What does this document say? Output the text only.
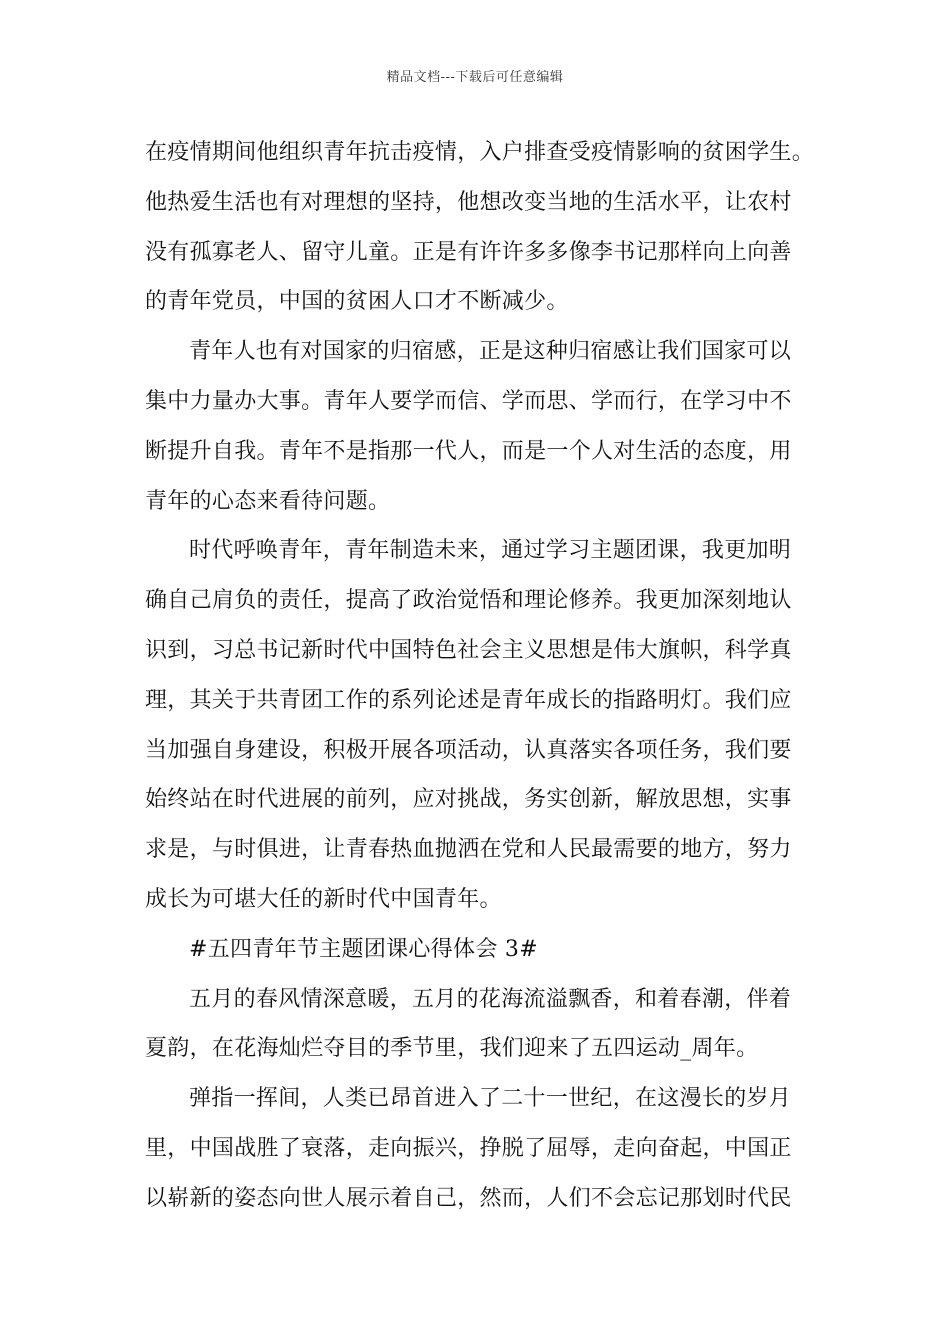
精品文档---下载后可任意编辑
在疫情期间他组织青年抗击疫情，入户排查受疫情影响的贫困学生。
他热爱生活也有对理想的坚持，他想改变当地的生活水平，让农村
没有孤寡老人、留守儿童。正是有许许多多像李书记那样向上向善
的青年党员，中国的贫困人口才不断减少。
青年人也有对国家的归宿感，正是这种归宿感让我们国家可以
集中力量办大事。青年人要学而信、学而思、学而行，在学习中不
断提升自我。青年不是指那一代人，而是一个人对生活的态度，用
青年的心态来看待问题。
时代呼唤青年，青年制造未来，通过学习主题团课，我更加明
确自己肩负的责任，提高了政治觉悟和理论修养。我更加深刻地认
识到，习总书记新时代中国特色社会主义思想是伟大旗帜，科学真
理，其关于共青团工作的系列论述是青年成长的指路明灯。我们应
当加强自身建设，积极开展各项活动，认真落实各项任务，我们要
始终站在时代进展的前列，应对挑战，务实创新，解放思想，实事
求是，与时俱进，让青春热血抛洒在党和人民最需要的地方，努力
成长为可堪大任的新时代中国青年。
#五四青年节主题团课心得体会 3#
五月的春风情深意暖，五月的花海流溢飘香，和着春潮，伴着
夏韵，在花海灿烂夺目的季节里，我们迎来了五四运动_周年。
弹指一挥间，人类已昂首进入了二十一世纪，在这漫长的岁月
里，中国战胜了衰落，走向振兴，挣脱了屈辱，走向奋起，中国正
以崭新的姿态向世人展示着自己，然而，人们不会忘记那划时代民
